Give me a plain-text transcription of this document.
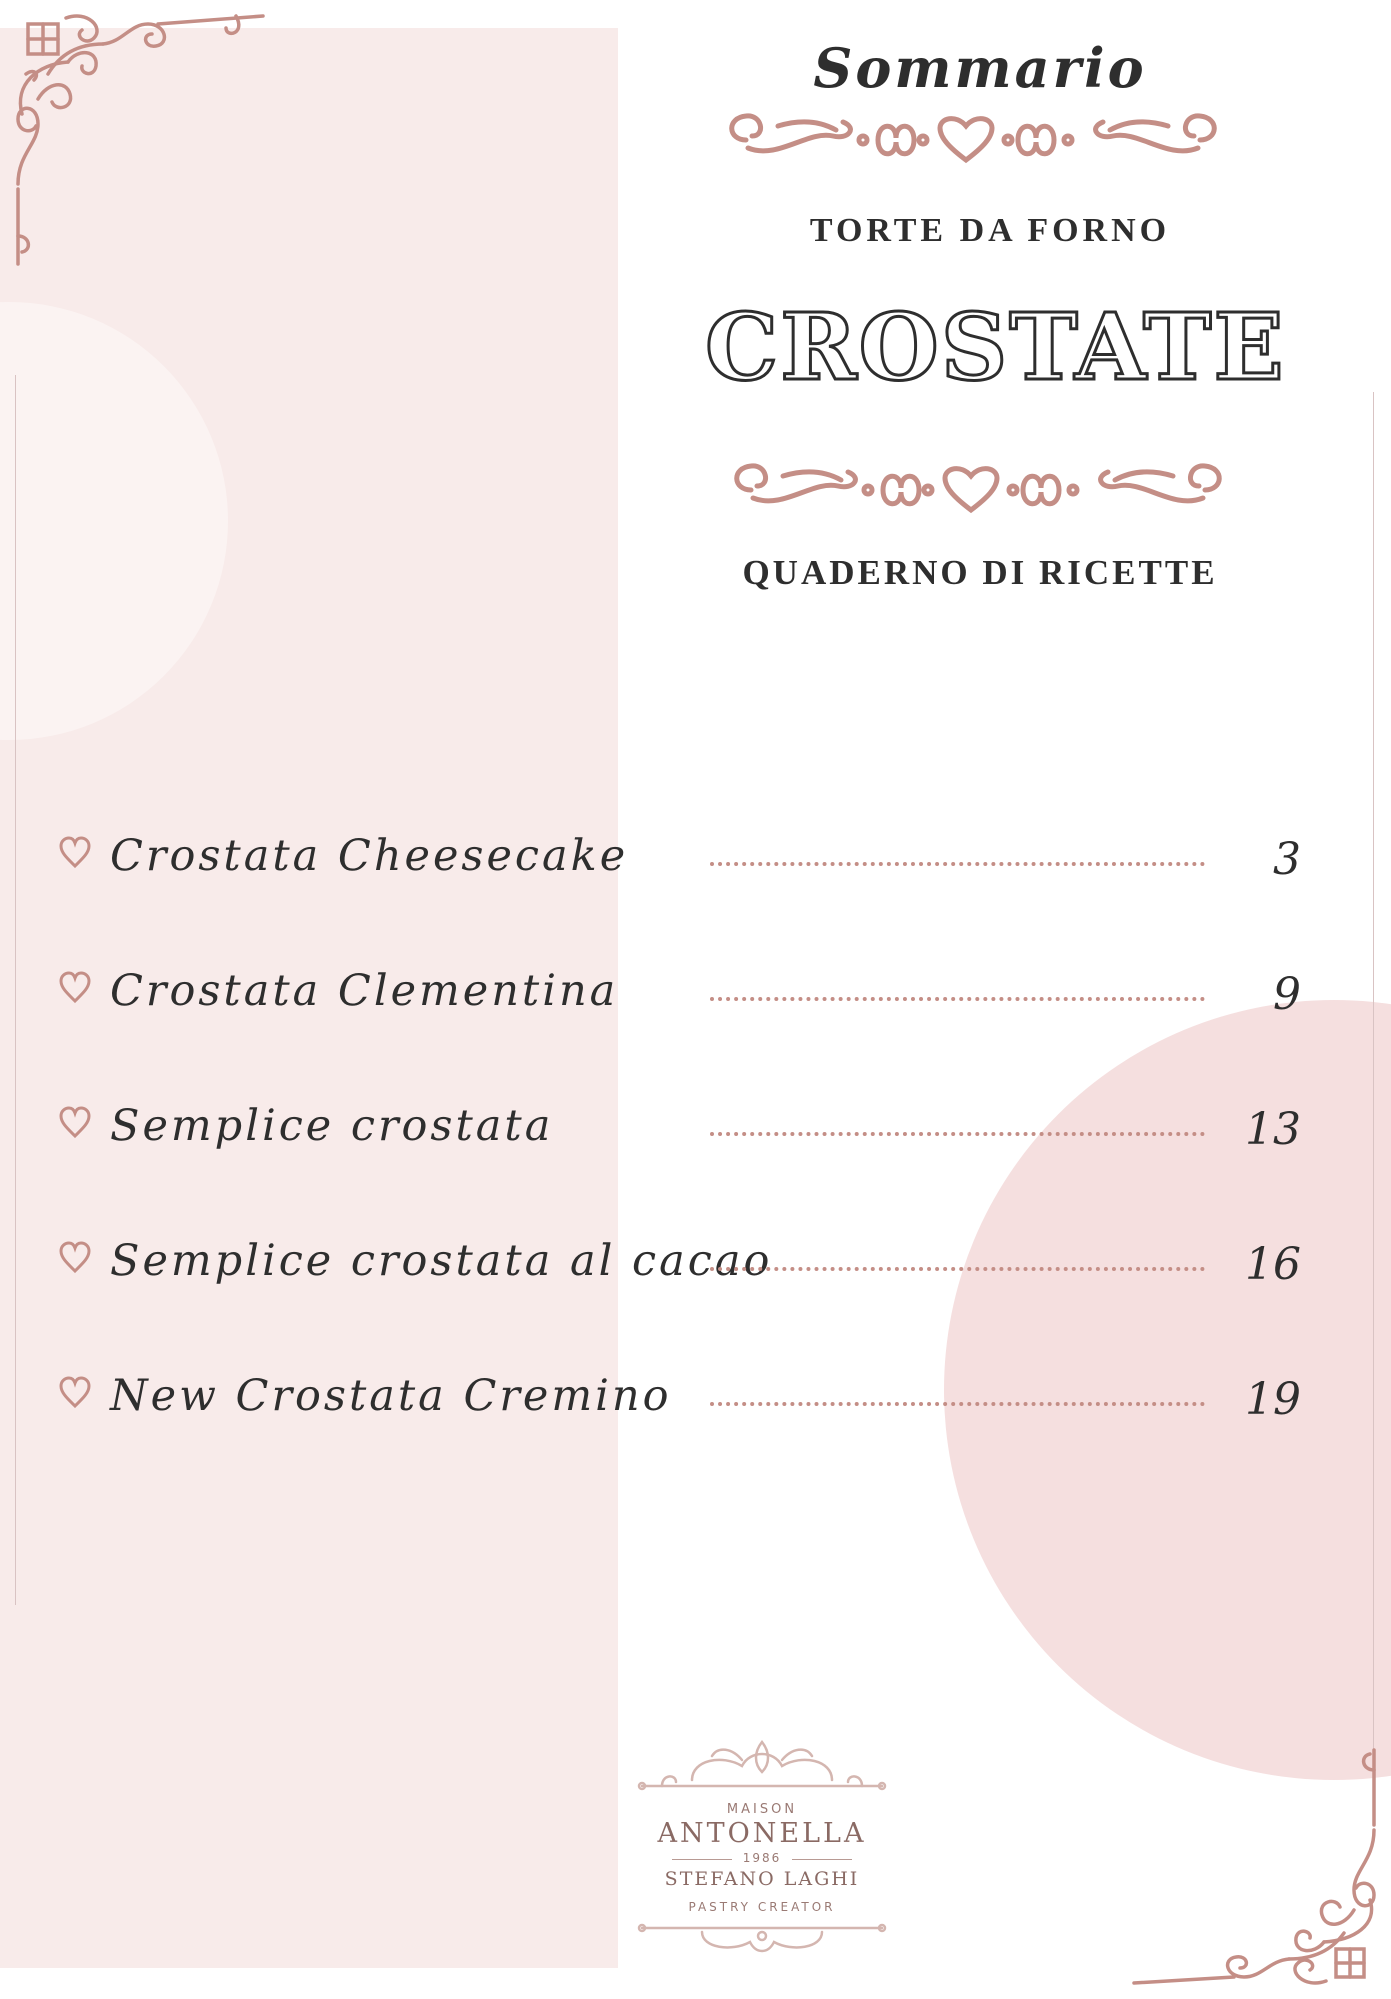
Sommario
TORTE DA FORNO
CROSTATE
QUADERNO DI RICETTE
Crostata Cheesecake	3
Crostata Clementina	9
Semplice crostata	13
Semplice crostata al cacao	16
New Crostata Cremino	19
MAISON
ANTONELLA
1986
STEFANO LAGHI
PASTRY CREATOR
